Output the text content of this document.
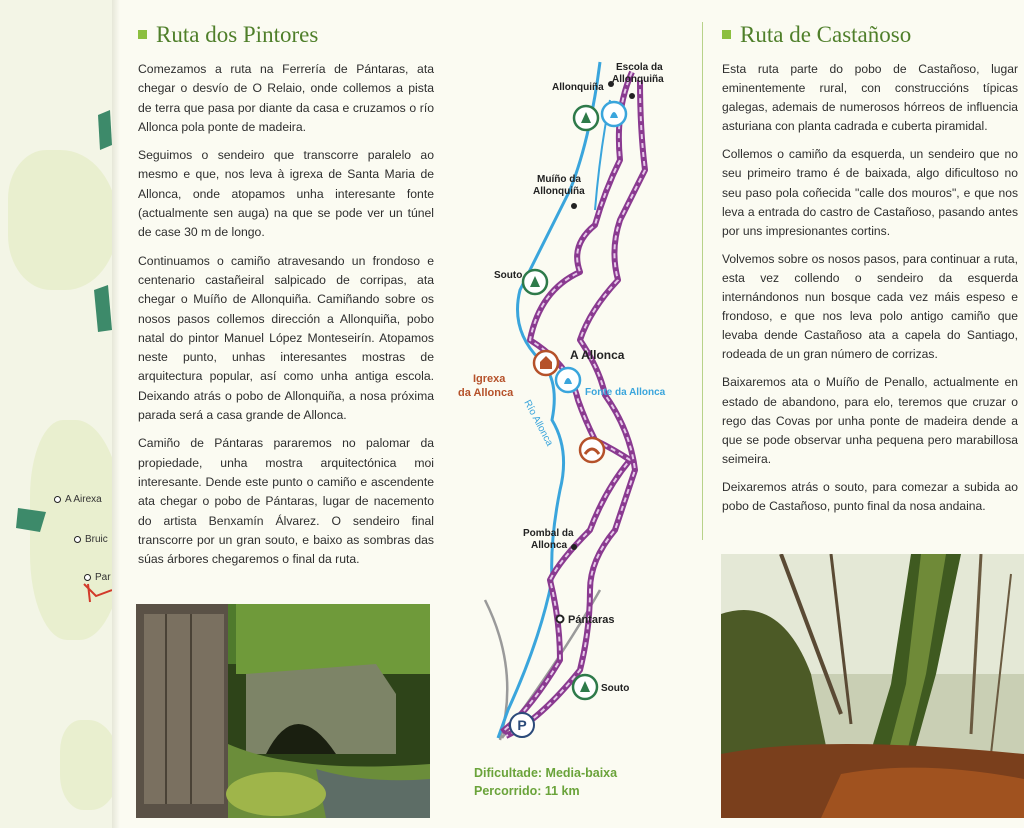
A Airexa
Bruic
Par
Ruta dos Pintores

Comezamos a ruta na Ferrería de Pántaras, ata chegar o desvío de O Relaio, onde collemos a pista de terra que pasa por diante da casa e cruzamos o río Allonca pola ponte de madeira.

Seguimos o sendeiro que transcorre paralelo ao mesmo e que, nos leva à igrexa de Santa Maria de Allonca, onde atopamos unha interesante fonte (actualmente sen auga) na que se pode ver un túnel de case 30 m de longo.

Continuamos o camiño atravesando un frondoso e centenario castañeiral salpicado de corripas, ata chegar o Muíño de Allonquiña. Camiñando sobre os nosos pasos collemos dirección a Allonquiña, pobo natal do pintor Manuel López Monteseirín. Atopamos neste punto, unhas interesantes mostras de arquitectura popular, así como unha antiga escola. Deixando atrás o pobo de Allonquiña, a nosa próxima parada será a casa grande de Allonca.

Camiño de Pántaras pararemos no palomar da propiedade, unha mostra arquitectónica moi interesante. Dende este punto o camiño e ascendente ata chegar o pobo de Pántaras, lugar de nacemento do artista Benxamín Álvarez. O sendeiro final transcorre por un gran souto, e baixo as sombras das súas árbores chegaremos o final da ruta.

P
Escola da
Allonquiña
Allonquiña
Muíño da
Allonquiña
Souto
A Allonca
Igrexa
da Allonca	Fonte da Allonca
Río Allonca
Pombal da
Allonca
Pántaras
Souto
Dificultade: Media-baixa
Percorrido: 11 km
Ruta de Castañoso

Esta ruta parte do pobo de Castañoso, lugar eminentemente rural, con construccións típicas galegas, ademais de numerosos hórreos de influencia asturiana con planta cadrada e cuberta piramidal.

Collemos o camiño da esquerda, un sendeiro que no seu primeiro tramo é de baixada, algo dificultoso no seu paso pola coñecida "calle dos mouros", e que nos leva a entrada do castro de Castañoso, pasando antes por uns impresionantes cortins.

Volvemos sobre os nosos pasos, para continuar a ruta, esta vez collendo o sendeiro da esquerda internándonos nun bosque cada vez máis espeso e frondoso, e que nos leva polo antigo camiño que levaba dende Castañoso ata a capela do Santiago, rodeada de un gran número de corrizas.

Baixaremos ata o Muíño de Penallo, actualmente en estado de abandono, para elo, teremos que cruzar o rego das Covas por unha ponte de madeira dende a que se pode observar unha pequena pero marabillosa seimeira.

Deixaremos atrás o souto, para comezar a subida ao pobo de Castañoso, punto final da nosa andaina.
